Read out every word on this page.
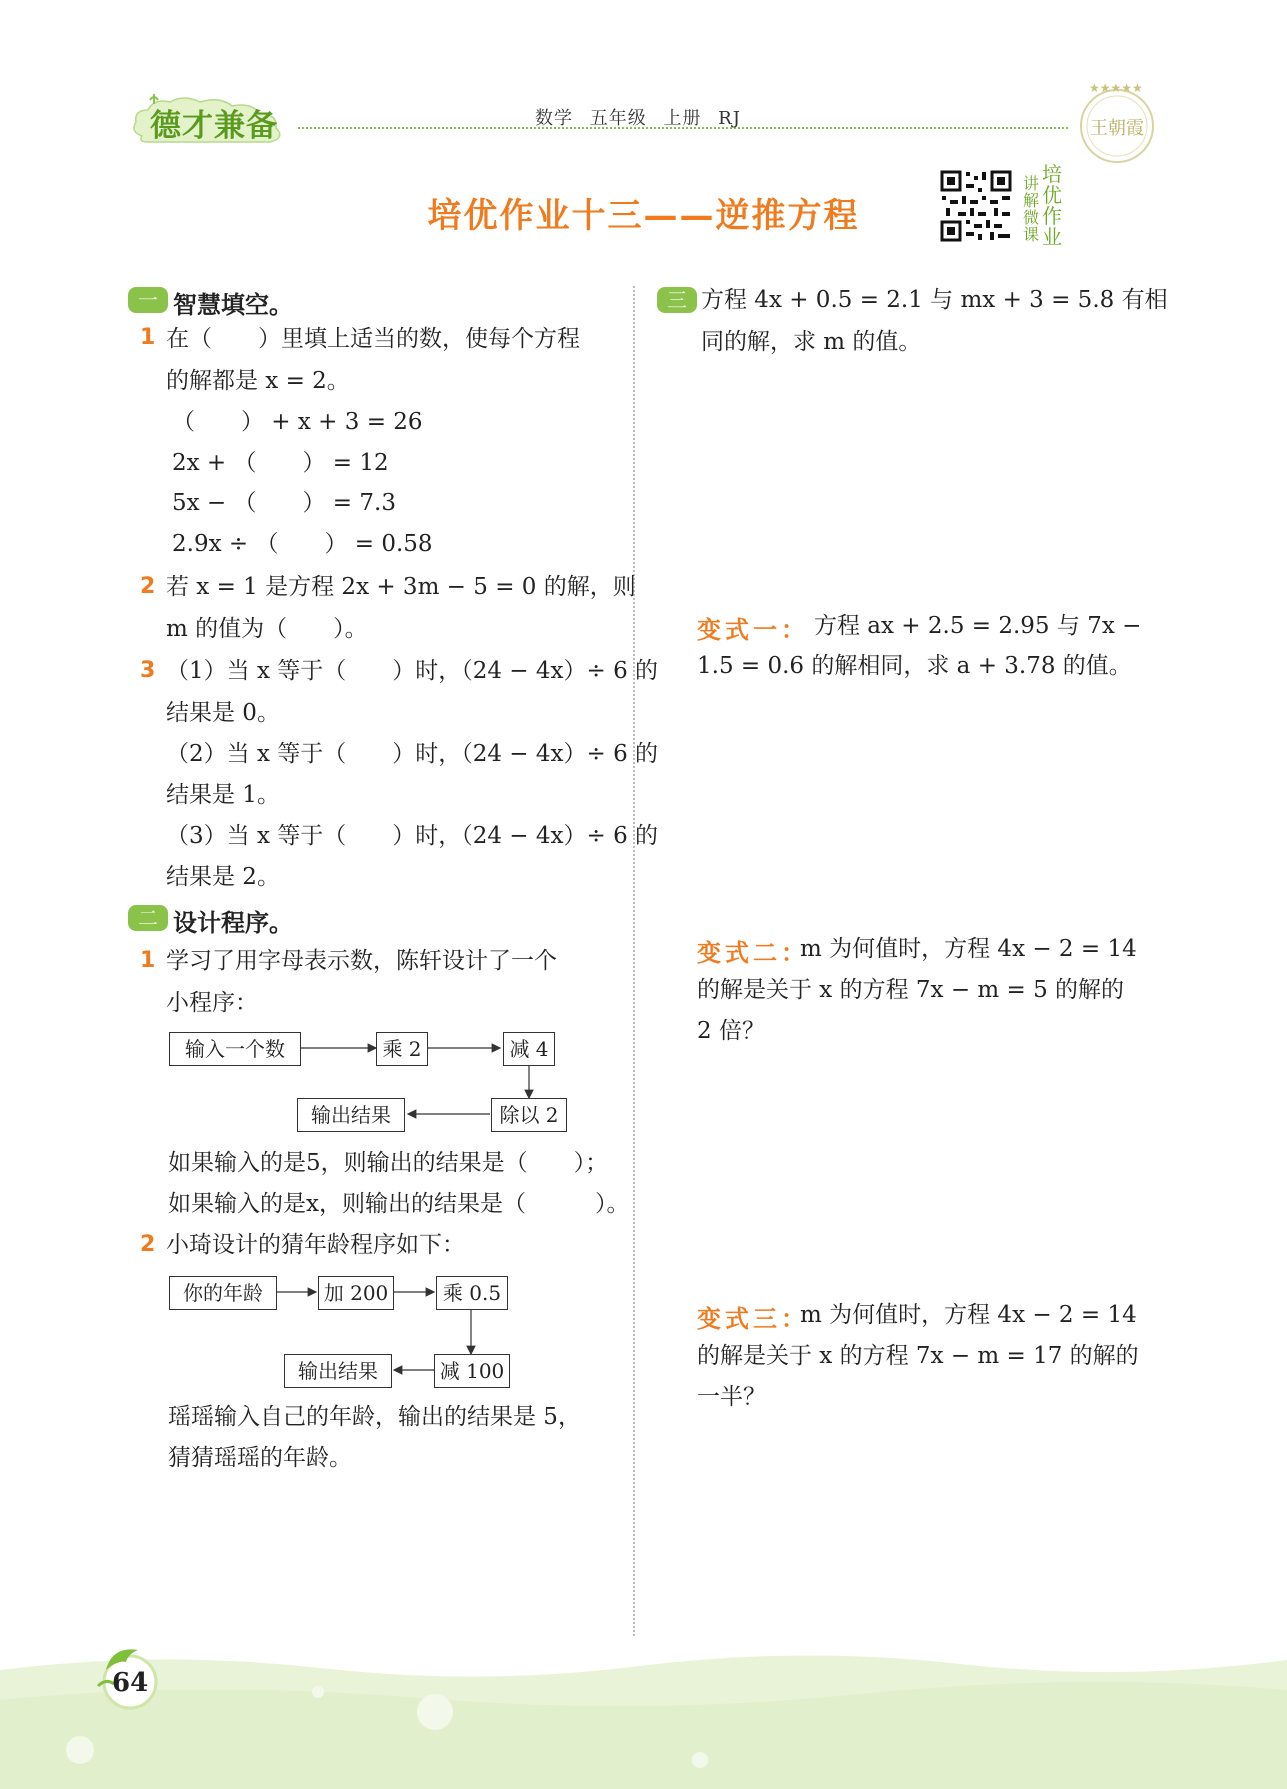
德才兼备	数学 五年级 上册 RJ
★★★★★
王朝霞
培优作业十三——逆推方程
讲解微课
培优作业
一 智慧填空。
1 在（　　）里填上适当的数，使每个方程
的解都是 x = 2。
（　　） + x + 3 = 26
2x + （　　） = 12
5x − （　　） = 7.3
2.9x ÷ （　　） = 0.58
2 若 x = 1 是方程 2x + 3m − 5 = 0 的解，则
m 的值为（　　）。
3 （1）当 x 等于（　　）时，（24 − 4x）÷ 6 的
结果是 0。
（2）当 x 等于（　　）时，（24 − 4x）÷ 6 的
结果是 1。
（3）当 x 等于（　　）时，（24 − 4x）÷ 6 的
结果是 2。
二 设计程序。
1 学习了用字母表示数，陈轩设计了一个
小程序：
输入一个数	乘 2	减 4
除以 2
输出结果
如果输入的是5，则输出的结果是（　　）；
如果输入的是x，则输出的结果是（　　　）。
2 小琦设计的猜年龄程序如下：
你的年龄	加 200	乘 0.5
减 100
输出结果
瑶瑶输入自己的年龄，输出的结果是 5，
猜猜瑶瑶的年龄。
三 方程 4x + 0.5 = 2.1 与 mx + 3 = 5.8 有相
同的解，求 m 的值。
变式一： 方程 ax + 2.5 = 2.95 与 7x −
1.5 = 0.6 的解相同，求 a + 3.78 的值。
变式二：
m 为何值时，方程 4x − 2 = 14
的解是关于 x 的方程 7x − m = 5 的解的
2 倍？
变式三：
m 为何值时，方程 4x − 2 = 14
的解是关于 x 的方程 7x − m = 17 的解的
一半？
64
